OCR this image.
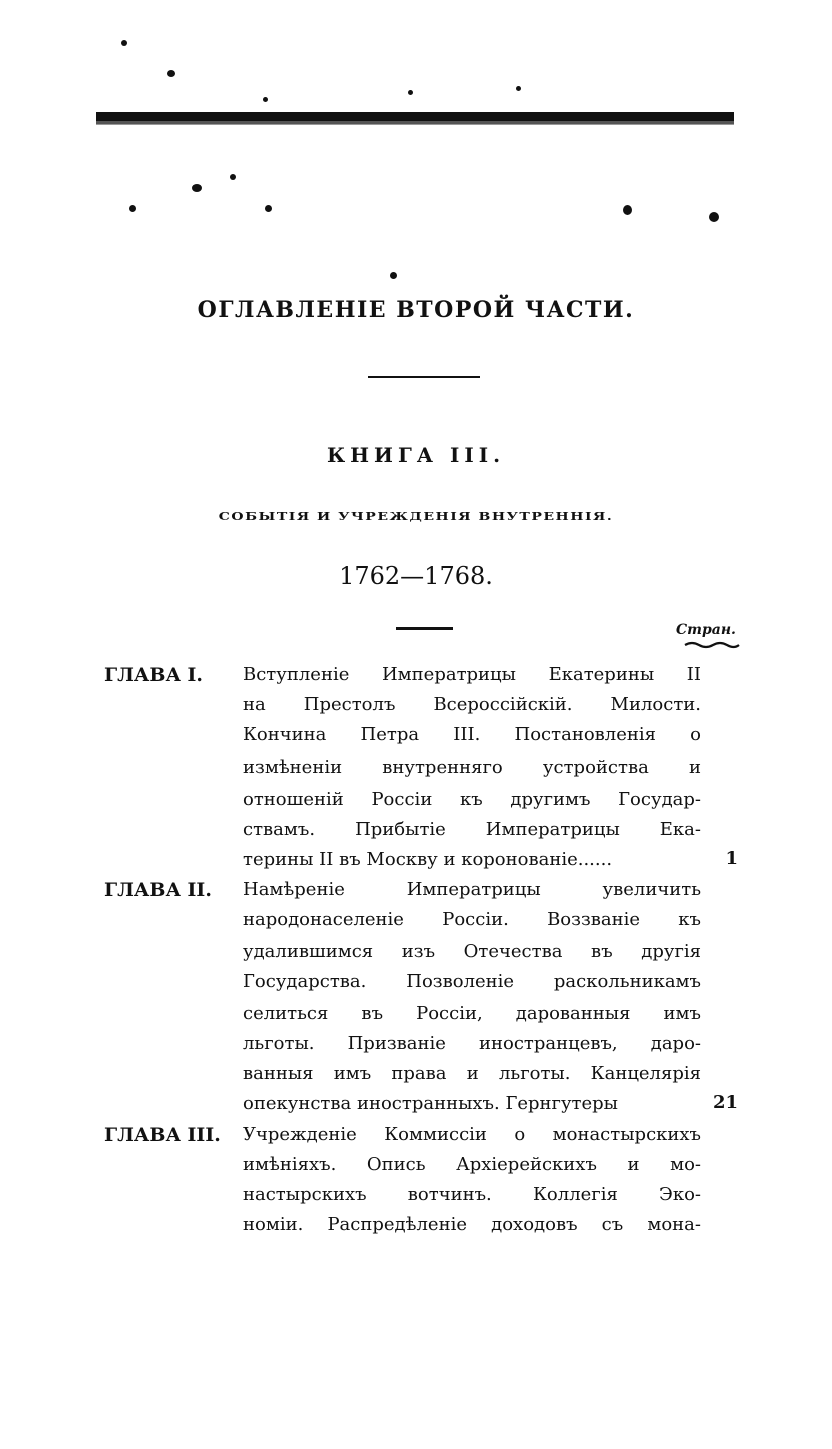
ОГЛАВЛЕНІЕ ВТОРОЙ ЧАСТИ.
КНИГА III.
СОБЫТІЯ И УЧРЕЖДЕНІЯ ВНУТРЕННІЯ.
1762—1768.
Стран.
ГЛАВА I. Вступленіе Императрицы Екатерины II
на Престолъ Всероссійскій. Милости.
Кончина Петра III. Постановленія о
измѣненіи внутренняго устройства и
отношеній Россіи къ другимъ Государ-
ствамъ. Прибытіе Императрицы Ека-
терины II въ Москву и короновaніе......	1
ГЛАВА II. Намѣреніе Императрицы увеличить
народонаселеніе Россіи. Воззваніе къ
удалившимся изъ Отечества въ другія
Государства. Позволеніе раскольникамъ
селиться въ Россіи, дарованныя имъ
льготы. Призваніе иностранцевъ, даро-
ванныя имъ права и льготы. Канцелярія
опекунства иностранныхъ. Гернгутеры	21
ГЛАВА III. Учрежденіе Коммиссіи о монастырскихъ
имѣніяхъ. Опись Архіерейскихъ и мо-
настырскихъ вотчинъ. Коллегія Эко-
номіи. Распредѣленіе доходовъ съ мона-
